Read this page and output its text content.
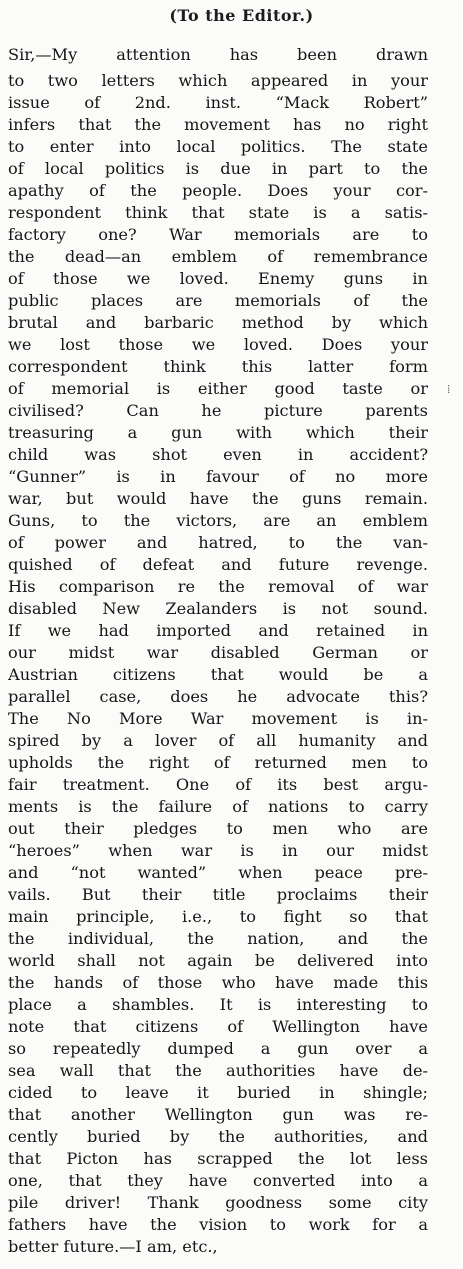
(To the Editor.)
Sir,—My attention has been drawn
to two letters which appeared in your
issue of 2nd. inst. “Mack Robert”
infers that the movement has no right
to enter into local politics. The state
of local politics is due in part to the
apathy of the people. Does your cor-
respondent think that state is a satis-
factory one? War memorials are to
the dead—an emblem of remembrance
of those we loved. Enemy guns in
public places are memorials of the
brutal and barbaric method by which
we lost those we loved. Does your
correspondent think this latter form
of memorial is either good taste or
civilised? Can he picture parents
treasuring a gun with which their
child was shot even in accident?
“Gunner” is in favour of no more
war, but would have the guns remain.
Guns, to the victors, are an emblem
of power and hatred, to the van-
quished of defeat and future revenge.
His comparison re the removal of war
disabled New Zealanders is not sound.
If we had imported and retained in
our midst war disabled German or
Austrian citizens that would be a
parallel case, does he advocate this?
The No More War movement is in-
spired by a lover of all humanity and
upholds the right of returned men to
fair treatment. One of its best argu-
ments is the failure of nations to carry
out their pledges to men who are
“heroes” when war is in our midst
and “not wanted” when peace pre-
vails. But their title proclaims their
main principle, i.e., to fight so that
the individual, the nation, and the
world shall not again be delivered into
the hands of those who have made this
place a shambles. It is interesting to
note that citizens of Wellington have
so repeatedly dumped a gun over a
sea wall that the authorities have de-
cided to leave it buried in shingle;
that another Wellington gun was re-
cently buried by the authorities, and
that Picton has scrapped the lot less
one, that they have converted into a
pile driver! Thank goodness some city
fathers have the vision to work for a
better future.—I am, etc.,
⁞
